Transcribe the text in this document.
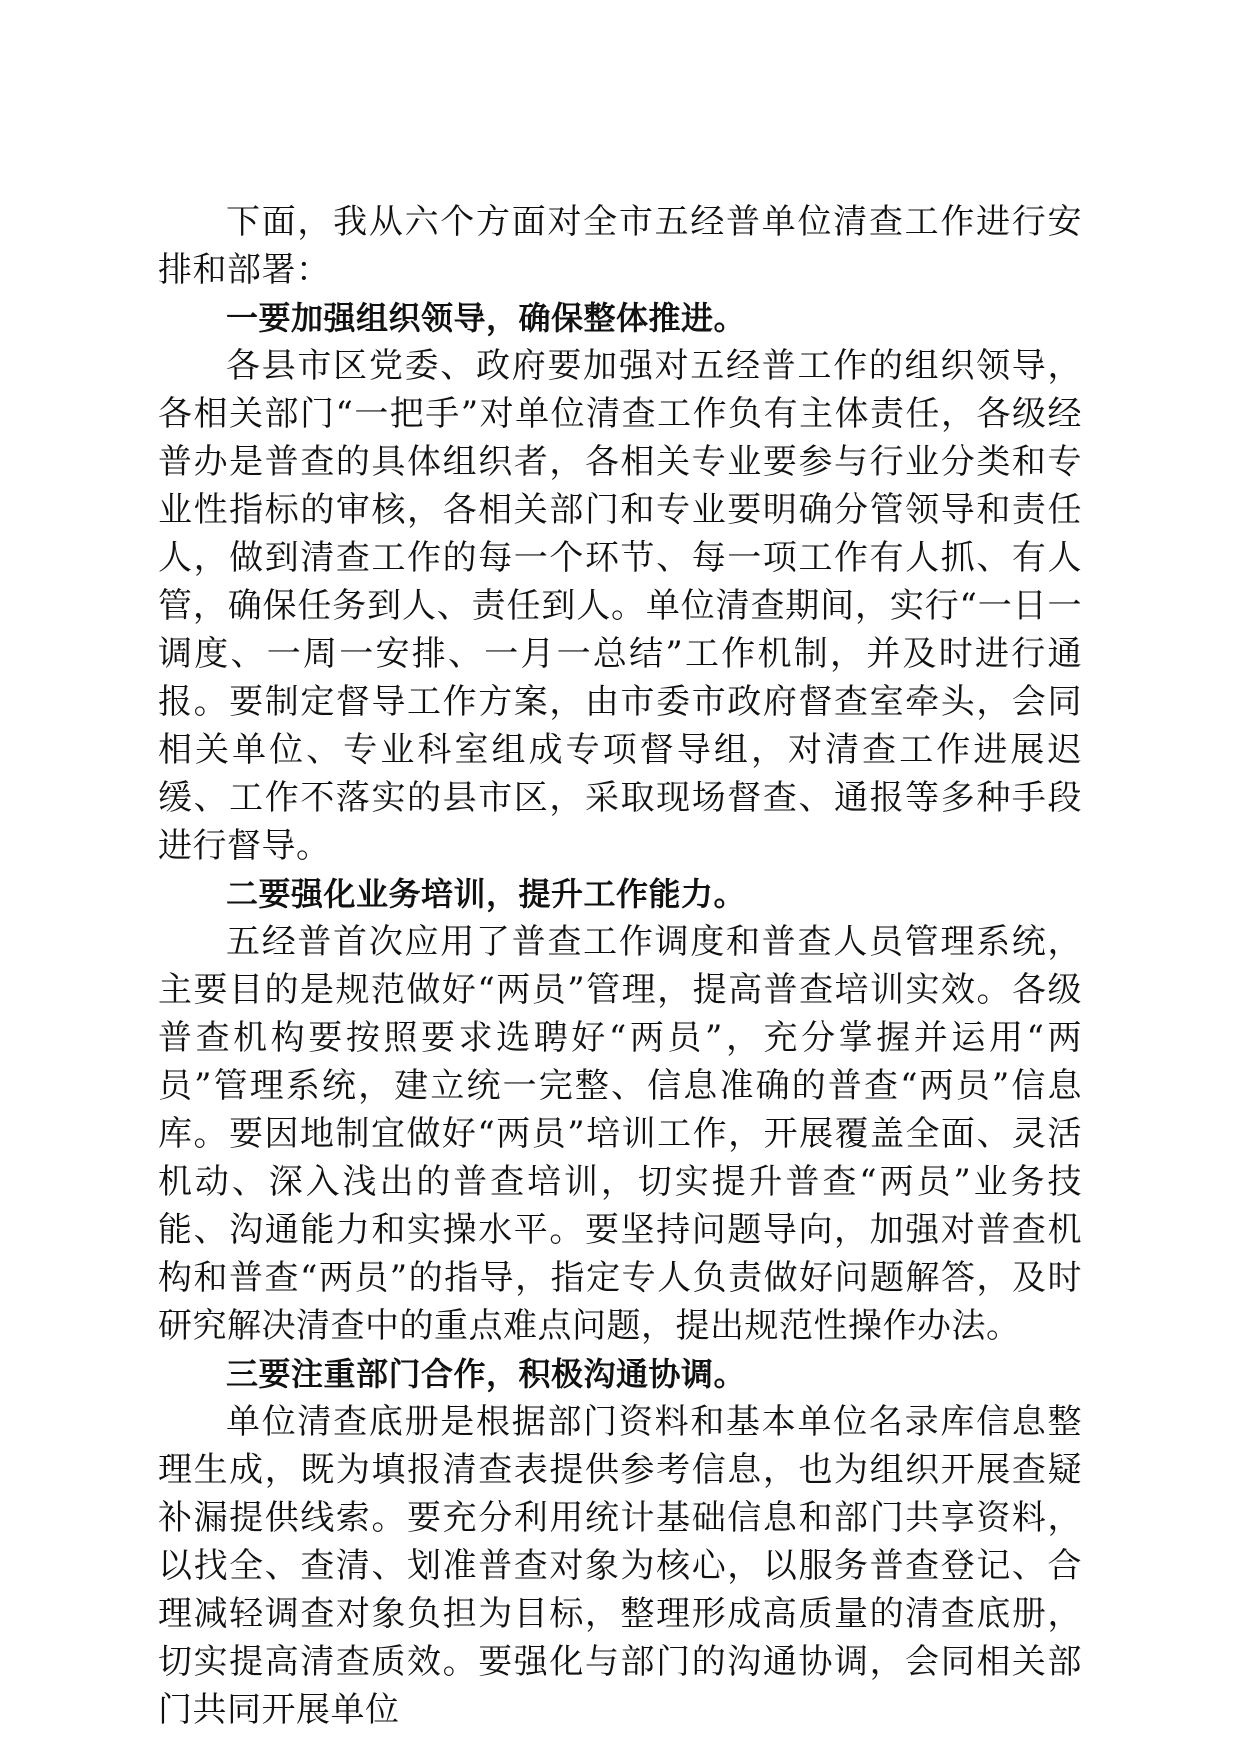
下面，我从六个方面对全市五经普单位清查工作进行安排和部署：

一要加强组织领导，确保整体推进。

各县市区党委、政府要加强对五经普工作的组织领导，各相关部门“一把手”对单位清查工作负有主体责任，各级经普办是普查的具体组织者，各相关专业要参与行业分类和专业性指标的审核，各相关部门和专业要明确分管领导和责任人，做到清查工作的每一个环节、每一项工作有人抓、有人管，确保任务到人、责任到人。单位清查期间，实行“一日一调度、一周一安排、一月一总结”工作机制，并及时进行通报。要制定督导工作方案，由市委市政府督查室牵头，会同相关单位、专业科室组成专项督导组，对清查工作进展迟缓、工作不落实的县市区，采取现场督查、通报等多种手段进行督导。

二要强化业务培训，提升工作能力。

五经普首次应用了普查工作调度和普查人员管理系统，主要目的是规范做好“两员”管理，提高普查培训实效。各级普查机构要按照要求选聘好“两员”，充分掌握并运用“两员”管理系统，建立统一完整、信息准确的普查“两员”信息库。要因地制宜做好“两员”培训工作，开展覆盖全面、灵活机动、深入浅出的普查培训，切实提升普查“两员”业务技能、沟通能力和实操水平。要坚持问题导向，加强对普查机构和普查“两员”的指导，指定专人负责做好问题解答，及时研究解决清查中的重点难点问题，提出规范性操作办法。

三要注重部门合作，积极沟通协调。

单位清查底册是根据部门资料和基本单位名录库信息整理生成，既为填报清查表提供参考信息，也为组织开展查疑补漏提供线索。要充分利用统计基础信息和部门共享资料，以找全、查清、划准普查对象为核心，以服务普查登记、合理减轻调查对象负担为目标，整理形成高质量的清查底册，切实提高清查质效。要强化与部门的沟通协调，会同相关部门共同开展单位
